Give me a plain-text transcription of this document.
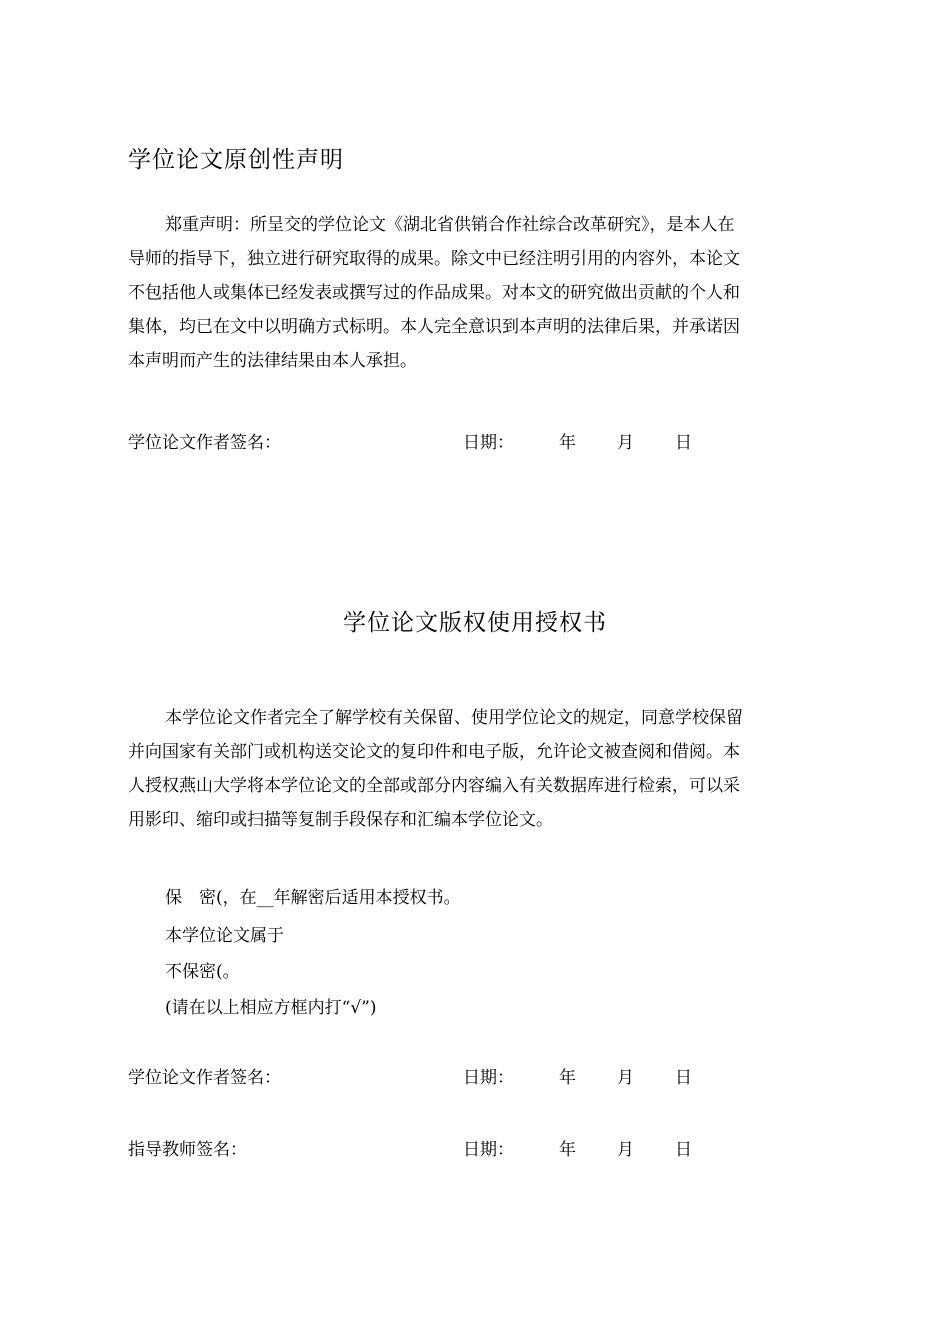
学位论文原创性声明
郑重声明：所呈交的学位论文《湖北省供销合作社综合改革研究》，是本人在
导师的指导下，独立进行研究取得的成果。除文中已经注明引用的内容外，本论文
不包括他人或集体已经发表或撰写过的作品成果。对本文的研究做出贡献的个人和
集体，均已在文中以明确方式标明。本人完全意识到本声明的法律后果，并承诺因
本声明而产生的法律结果由本人承担。
学位论文作者签名：	日期：	年 月 日
学位论文版权使用授权书
本学位论文作者完全了解学校有关保留、使用学位论文的规定，同意学校保留
并向国家有关部门或机构送交论文的复印件和电子版，允许论文被查阅和借阅。本
人授权燕山大学将本学位论文的全部或部分内容编入有关数据库进行检索，可以采
用影印、缩印或扫描等复制手段保存和汇编本学位论文。
保　密(，在__年解密后适用本授权书。
本学位论文属于
不保密(。
(请在以上相应方框内打“√”)
学位论文作者签名：	日期：	年 月 日
指导教师签名：	日期：	年 月 日
